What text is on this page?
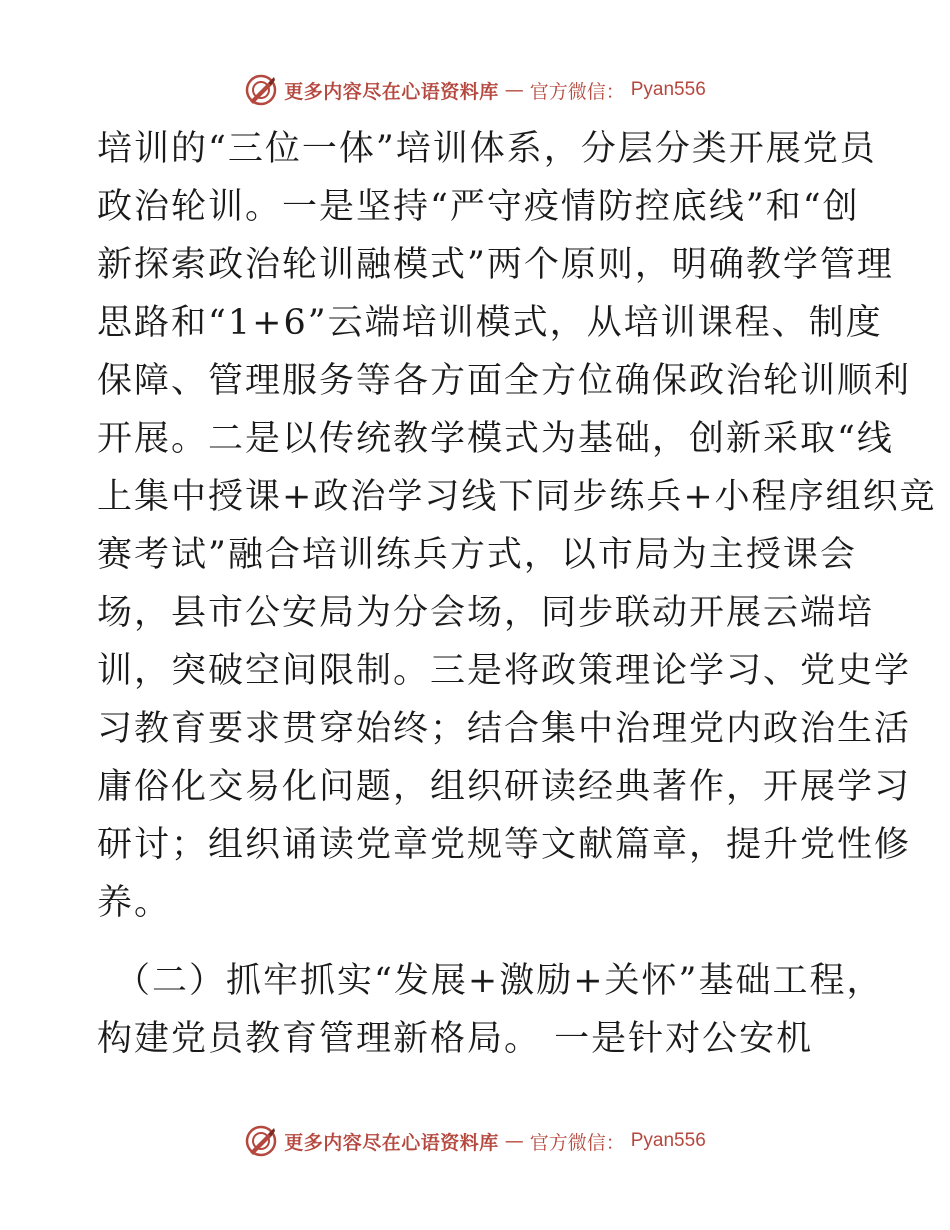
更多内容尽在心语资料库 — 官方微信： Pyan556
培训的“三位一体”培训体系，分层分类开展党员
政治轮训。一是坚持“严守疫情防控底线”和“创
新探索政治轮训融模式”两个原则，明确教学管理
思路和“1+6”云端培训模式，从培训课程、制度
保障、管理服务等各方面全方位确保政治轮训顺利
开展。二是以传统教学模式为基础，创新采取“线
上集中授课+政治学习线下同步练兵+小程序组织竞
赛考试”融合培训练兵方式，以市局为主授课会
场，县市公安局为分会场，同步联动开展云端培
训，突破空间限制。三是将政策理论学习、党史学
习教育要求贯穿始终；结合集中治理党内政治生活
庸俗化交易化问题，组织研读经典著作，开展学习
研讨；组织诵读党章党规等文献篇章，提升党性修
养。
（二）抓牢抓实“发展+激励+关怀”基础工程，
构建党员教育管理新格局。 一是针对公安机
更多内容尽在心语资料库 — 官方微信： Pyan556
